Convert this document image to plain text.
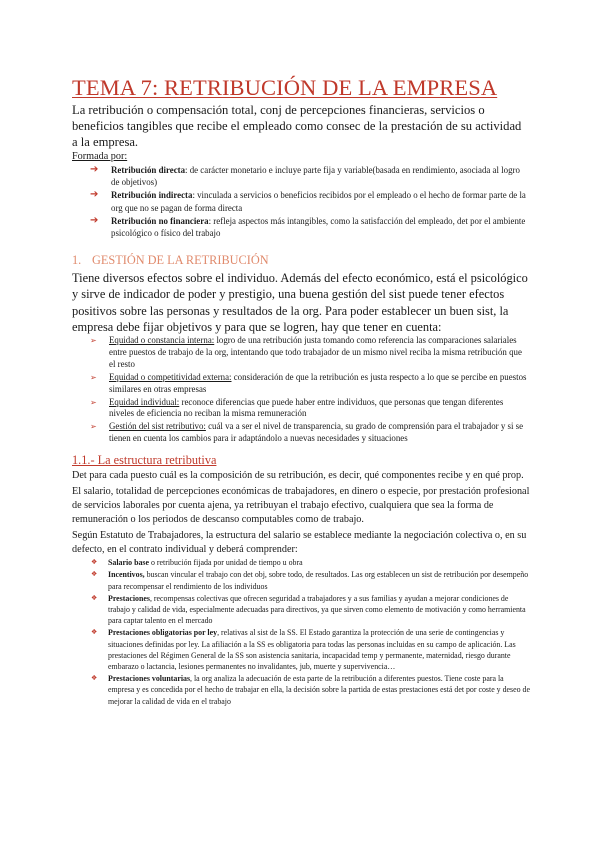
TEMA 7: RETRIBUCIÓN DE LA EMPRESA

La retribución o compensación total, conj de percepciones financieras, servicios o beneficios tangibles que recibe el empleado como consec de la prestación de su actividad a la empresa.

Formada por:

➔ Retribución directa: de carácter monetario e incluye parte fija y variable(basada en rendimiento, asociada al logro de objetivos)
➔ Retribución indirecta: vinculada a servicios o beneficios recibidos por el empleado o el hecho de formar parte de la org que no se pagan de forma directa
➔ Retribución no financiera: refleja aspectos más intangibles, como la satisfacción del empleado, det por el ambiente psicológico o físico del trabajo
1. GESTIÓN DE LA RETRIBUCIÓN

Tiene diversos efectos sobre el individuo. Además del efecto económico, está el psicológico y sirve de indicador de poder y prestigio, una buena gestión del sist puede tener efectos positivos sobre las personas y resultados de la org. Para poder establecer un buen sist, la empresa debe fijar objetivos y para que se logren, hay que tener en cuenta:

➢ Equidad o constancia interna: logro de una retribución justa tomando como referencia las comparaciones salariales entre puestos de trabajo de la org, intentando que todo trabajador de un mismo nivel reciba la misma retribución que el resto
➢ Equidad o competitividad externa: consideración de que la retribución es justa respecto a lo que se percibe en puestos similares en otras empresas
➢ Equidad individual: reconoce diferencias que puede haber entre individuos, que personas que tengan diferentes niveles de eficiencia no reciban la misma remuneración
➢ Gestión del sist retributivo: cuál va a ser el nivel de transparencia, su grado de comprensión para el trabajador y si se tienen en cuenta los cambios para ir adaptándolo a nuevas necesidades y situaciones
1.1.- La estructura retributiva

Det para cada puesto cuál es la composición de su retribución, es decir, qué componentes recibe y en qué prop.

El salario, totalidad de percepciones económicas de trabajadores, en dinero o especie, por prestación profesional de servicios laborales por cuenta ajena, ya retribuyan el trabajo efectivo, cualquiera que sea la forma de remuneración o los periodos de descanso computables como de trabajo.

Según Estatuto de Trabajadores, la estructura del salario se establece mediante la negociación colectiva o, en su defecto, en el contrato individual y deberá comprender:

❖ Salario base o retribución fijada por unidad de tiempo u obra
❖ Incentivos, buscan vincular el trabajo con det obj, sobre todo, de resultados. Las org establecen un sist de retribución por desempeño para recompensar el rendimiento de los individuos
❖ Prestaciones, recompensas colectivas que ofrecen seguridad a trabajadores y a sus familias y ayudan a mejorar condiciones de trabajo y calidad de vida, especialmente adecuadas para directivos, ya que sirven como elemento de motivación y como herramienta para captar talento en el mercado
❖ Prestaciones obligatorias por ley, relativas al sist de la SS. El Estado garantiza la protección de una serie de contingencias y situaciones definidas por ley. La afiliación a la SS es obligatoria para todas las personas incluidas en su campo de aplicación. Las prestaciones del Régimen General de la SS son asistencia sanitaria, incapacidad temp y permanente, maternidad, riesgo durante embarazo o lactancia, lesiones permanentes no invalidantes, jub, muerte y supervivencia…
❖ Prestaciones voluntarias, la org analiza la adecuación de esta parte de la retribución a diferentes puestos. Tiene coste para la empresa y es concedida por el hecho de trabajar en ella, la decisión sobre la partida de estas prestaciones está det por coste y deseo de mejorar la calidad de vida en el trabajo
